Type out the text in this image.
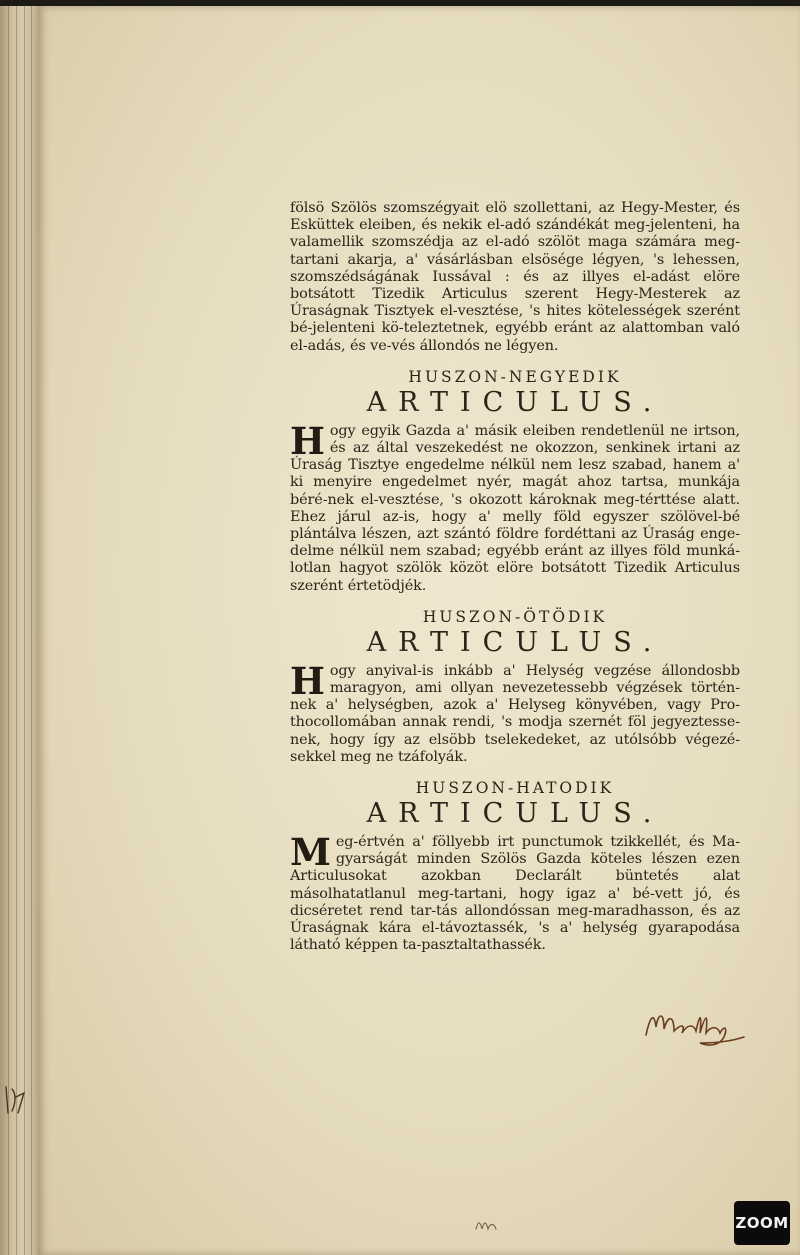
fölsö Szölös szomszégyait elö szollettani, az Hegy-Mester, és Esküttek eleiben, és nekik el-adó szándékát meg-jelenteni, ha valamellik szomszédja az el-adó szölöt maga számára meg-tartani akarja, a' vásárlásban elsösége légyen, 's lehessen, szomszédságának Iussával : és az illyes el-adást elöre botsátott Tizedik Articulus szerent Hegy-Mesterek az Úraságnak Tisztyek el-vesztése, 's hites kötelességek szerént bé-jelenteni kö-teleztetnek, egyébb eránt az alattomban való el-adás, és ve-vés állondós ne légyen.

HUSZON-NEGYEDIK
ARTICULUS.

Hogy egyik Gazda a' másik eleiben rendetlenül ne irtson, és az által veszekedést ne okozzon, senkinek irtani az Úraság Tisztye engedelme nélkül nem lesz szabad, hanem a' ki menyire engedelmet nyér, magát ahoz tartsa, munkája béré-nek el-vesztése, 's okozott károknak meg-térttése alatt. Ehez járul az-is, hogy a' melly föld egyszer szölövel-bé plántálva lészen, azt szántó földre fordéttani az Úraság enge-delme nélkül nem szabad; egyébb eránt az illyes föld munká-lotlan hagyot szölök közöt elöre botsátott Tizedik Articulus szerént értetödjék.

HUSZON-ÖTÖDIK
ARTICULUS.

Hogy anyival-is inkább a' Helység vegzése állondosbb maragyon, ami ollyan nevezetessebb végzések történ-nek a' helységben, azok a' Helyseg könyvében, vagy Pro-thocollomában annak rendi, 's modja szernét föl jegyeztesse-nek, hogy így az elsöbb tselekedeket, az utólsóbb végezé-sekkel meg ne tzáfolyák.

HUSZON-HATODIK
ARTICULUS.

Meg-értvén a' föllyebb irt punctumok tzikkellét, és Ma-gyarságát minden Szölös Gazda köteles lészen ezen Articulusokat azokban Declarált büntetés alat másolhatatlanul meg-tartani, hogy igaz a' bé-vett jó, és dicséretet rend tar-tás allondóssan meg-maradhasson, és az Úraságnak kára el-távoztassék, 's a' helység gyarapodása látható képpen ta-pasztaltathassék.

ZOOM
